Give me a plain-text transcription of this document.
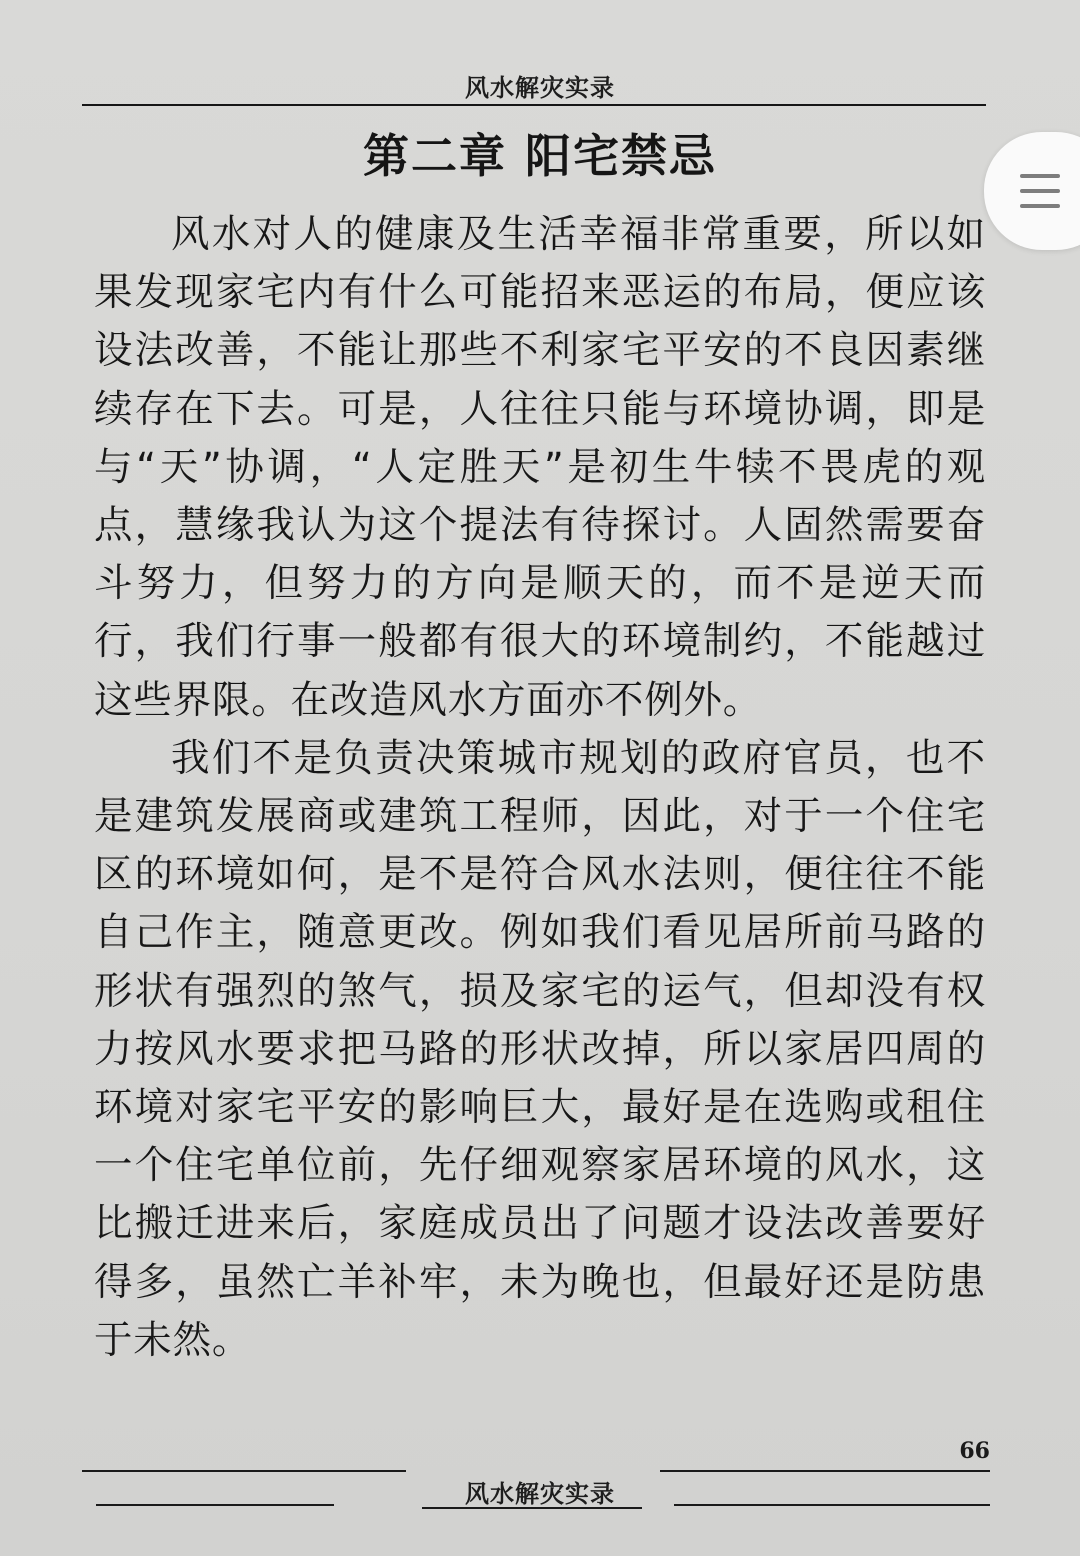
风水解灾实录
第二章 阳宅禁忌

风水对人的健康及生活幸福非常重要，所以如果发现家宅内有什么可能招来恶运的布局，便应该设法改善，不能让那些不利家宅平安的不良因素继续存在下去。可是，人往往只能与环境协调，即是与“天”协调，“人定胜天”是初生牛犊不畏虎的观点，慧缘我认为这个提法有待探讨。人固然需要奋斗努力，但努力的方向是顺天的，而不是逆天而行，我们行事一般都有很大的环境制约，不能越过这些界限。在改造风水方面亦不例外。

我们不是负责决策城市规划的政府官员，也不是建筑发展商或建筑工程师，因此，对于一个住宅区的环境如何，是不是符合风水法则，便往往不能自己作主，随意更改。例如我们看见居所前马路的形状有强烈的煞气，损及家宅的运气，但却没有权力按风水要求把马路的形状改掉，所以家居四周的环境对家宅平安的影响巨大，最好是在选购或租住一个住宅单位前，先仔细观察家居环境的风水，这比搬迁进来后，家庭成员出了问题才设法改善要好得多，虽然亡羊补牢，未为晚也，但最好还是防患于未然。

66
风水解灾实录
